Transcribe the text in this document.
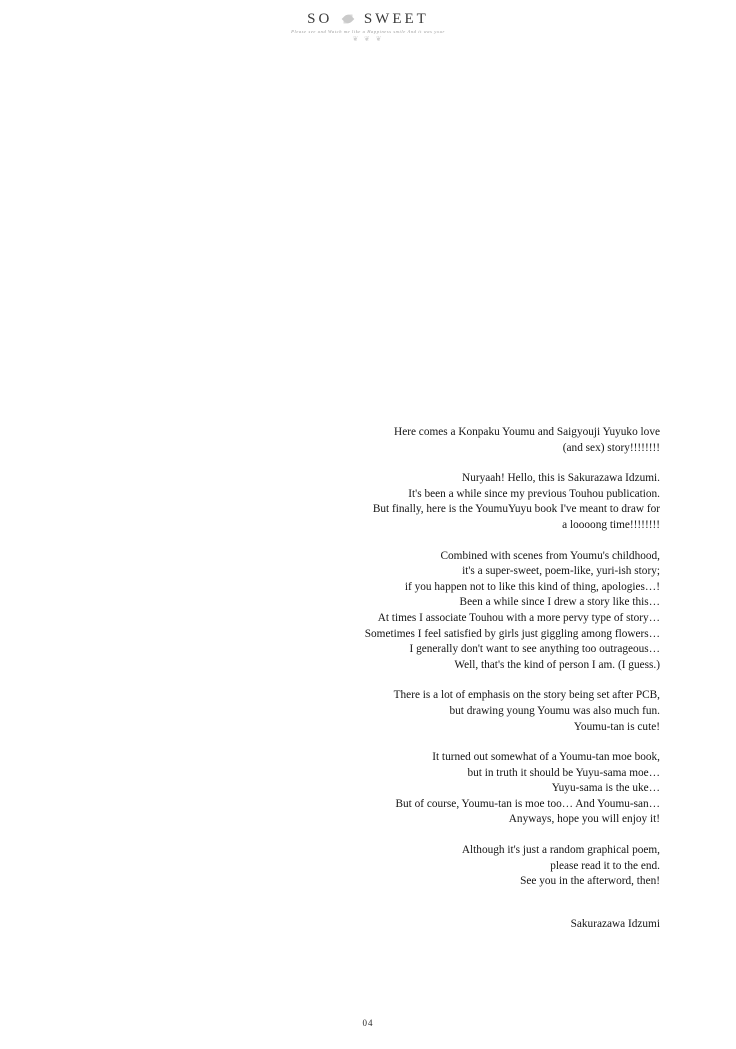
SO SWEET
Please see and Watch me like a Happiness smile And it was your
❦ ❦ ❦

Here comes a Konpaku Youmu and Saigyouji Yuyuko love
(and sex) story!!!!!!!!

Nuryaah! Hello, this is Sakurazawa Idzumi.
It's been a while since my previous Touhou publication.
But finally, here is the YoumuYuyu book I've meant to draw for
a loooong time!!!!!!!!

Combined with scenes from Youmu's childhood,
it's a super-sweet, poem-like, yuri-ish story;
if you happen not to like this kind of thing, apologies…!
Been a while since I drew a story like this…
At times I associate Touhou with a more pervy type of story…
Sometimes I feel satisfied by girls just giggling among flowers…
I generally don't want to see anything too outrageous…
Well, that's the kind of person I am. (I guess.)

There is a lot of emphasis on the story being set after PCB,
but drawing young Youmu was also much fun.
Youmu-tan is cute!

It turned out somewhat of a Youmu-tan moe book,
but in truth it should be Yuyu-sama moe…
Yuyu-sama is the uke…
But of course, Youmu-tan is moe too… And Youmu-san…
Anyways, hope you will enjoy it!

Although it's just a random graphical poem,
please read it to the end.
See you in the afterword, then!

Sakurazawa Idzumi

04
